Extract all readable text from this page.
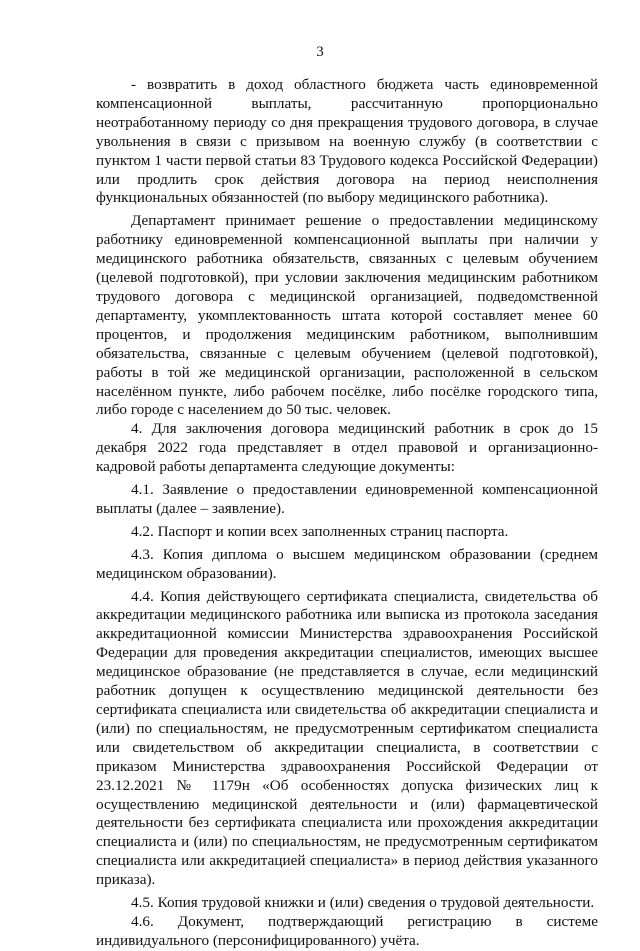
3

- возвратить в доход областного бюджета часть единовременной компенсационной выплаты, рассчитанную пропорционально неотработанному периоду со дня прекращения трудового договора, в случае увольнения в связи с призывом на военную службу (в соответствии с пунктом 1 части первой статьи 83 Трудового кодекса Российской Федерации) или продлить срок действия договора на период неисполнения функциональных обязанностей (по выбору медицинского работника).

Департамент принимает решение о предоставлении медицинскому работнику единовременной компенсационной выплаты при наличии у медицинского работника обязательств, связанных с целевым обучением (целевой подготовкой), при условии заключения медицинским работником трудового договора с медицинской организацией, подведомственной департаменту, укомплектованность штата которой составляет менее 60 процентов, и продолжения медицинским работником, выполнившим обязательства, связанные с целевым обучением (целевой подготовкой), работы в той же медицинской организации, расположенной в сельском населённом пункте, либо рабочем посёлке, либо посёлке городского типа, либо городе с населением до 50 тыс. человек.

4. Для заключения договора медицинский работник в срок до 15 декабря 2022 года представляет в отдел правовой и организационно-кадровой работы департамента следующие документы:

4.1. Заявление о предоставлении единовременной компенсационной выплаты (далее – заявление).

4.2. Паспорт и копии всех заполненных страниц паспорта.

4.3. Копия диплома о высшем медицинском образовании (среднем медицинском образовании).

4.4. Копия действующего сертификата специалиста, свидетельства об аккредитации медицинского работника или выписка из протокола заседания аккредитационной комиссии Министерства здравоохранения Российской Федерации для проведения аккредитации специалистов, имеющих высшее медицинское образование (не представляется в случае, если медицинский работник допущен к осуществлению медицинской деятельности без сертификата специалиста или свидетельства об аккредитации специалиста и (или) по специальностям, не предусмотренным сертификатом специалиста или свидетельством об аккредитации специалиста, в соответствии с приказом Министерства здравоохранения Российской Федерации от 23.12.2021 № 1179н «Об особенностях допуска физических лиц к осуществлению медицинской деятельности и (или) фармацевтической деятельности без сертификата специалиста или прохождения аккредитации специалиста и (или) по специальностям, не предусмотренным сертификатом специалиста или аккредитацией специалиста» в период действия указанного приказа).

4.5. Копия трудовой книжки и (или) сведения о трудовой деятельности.

4.6. Документ, подтверждающий регистрацию в системе индивидуального (персонифицированного) учёта.
